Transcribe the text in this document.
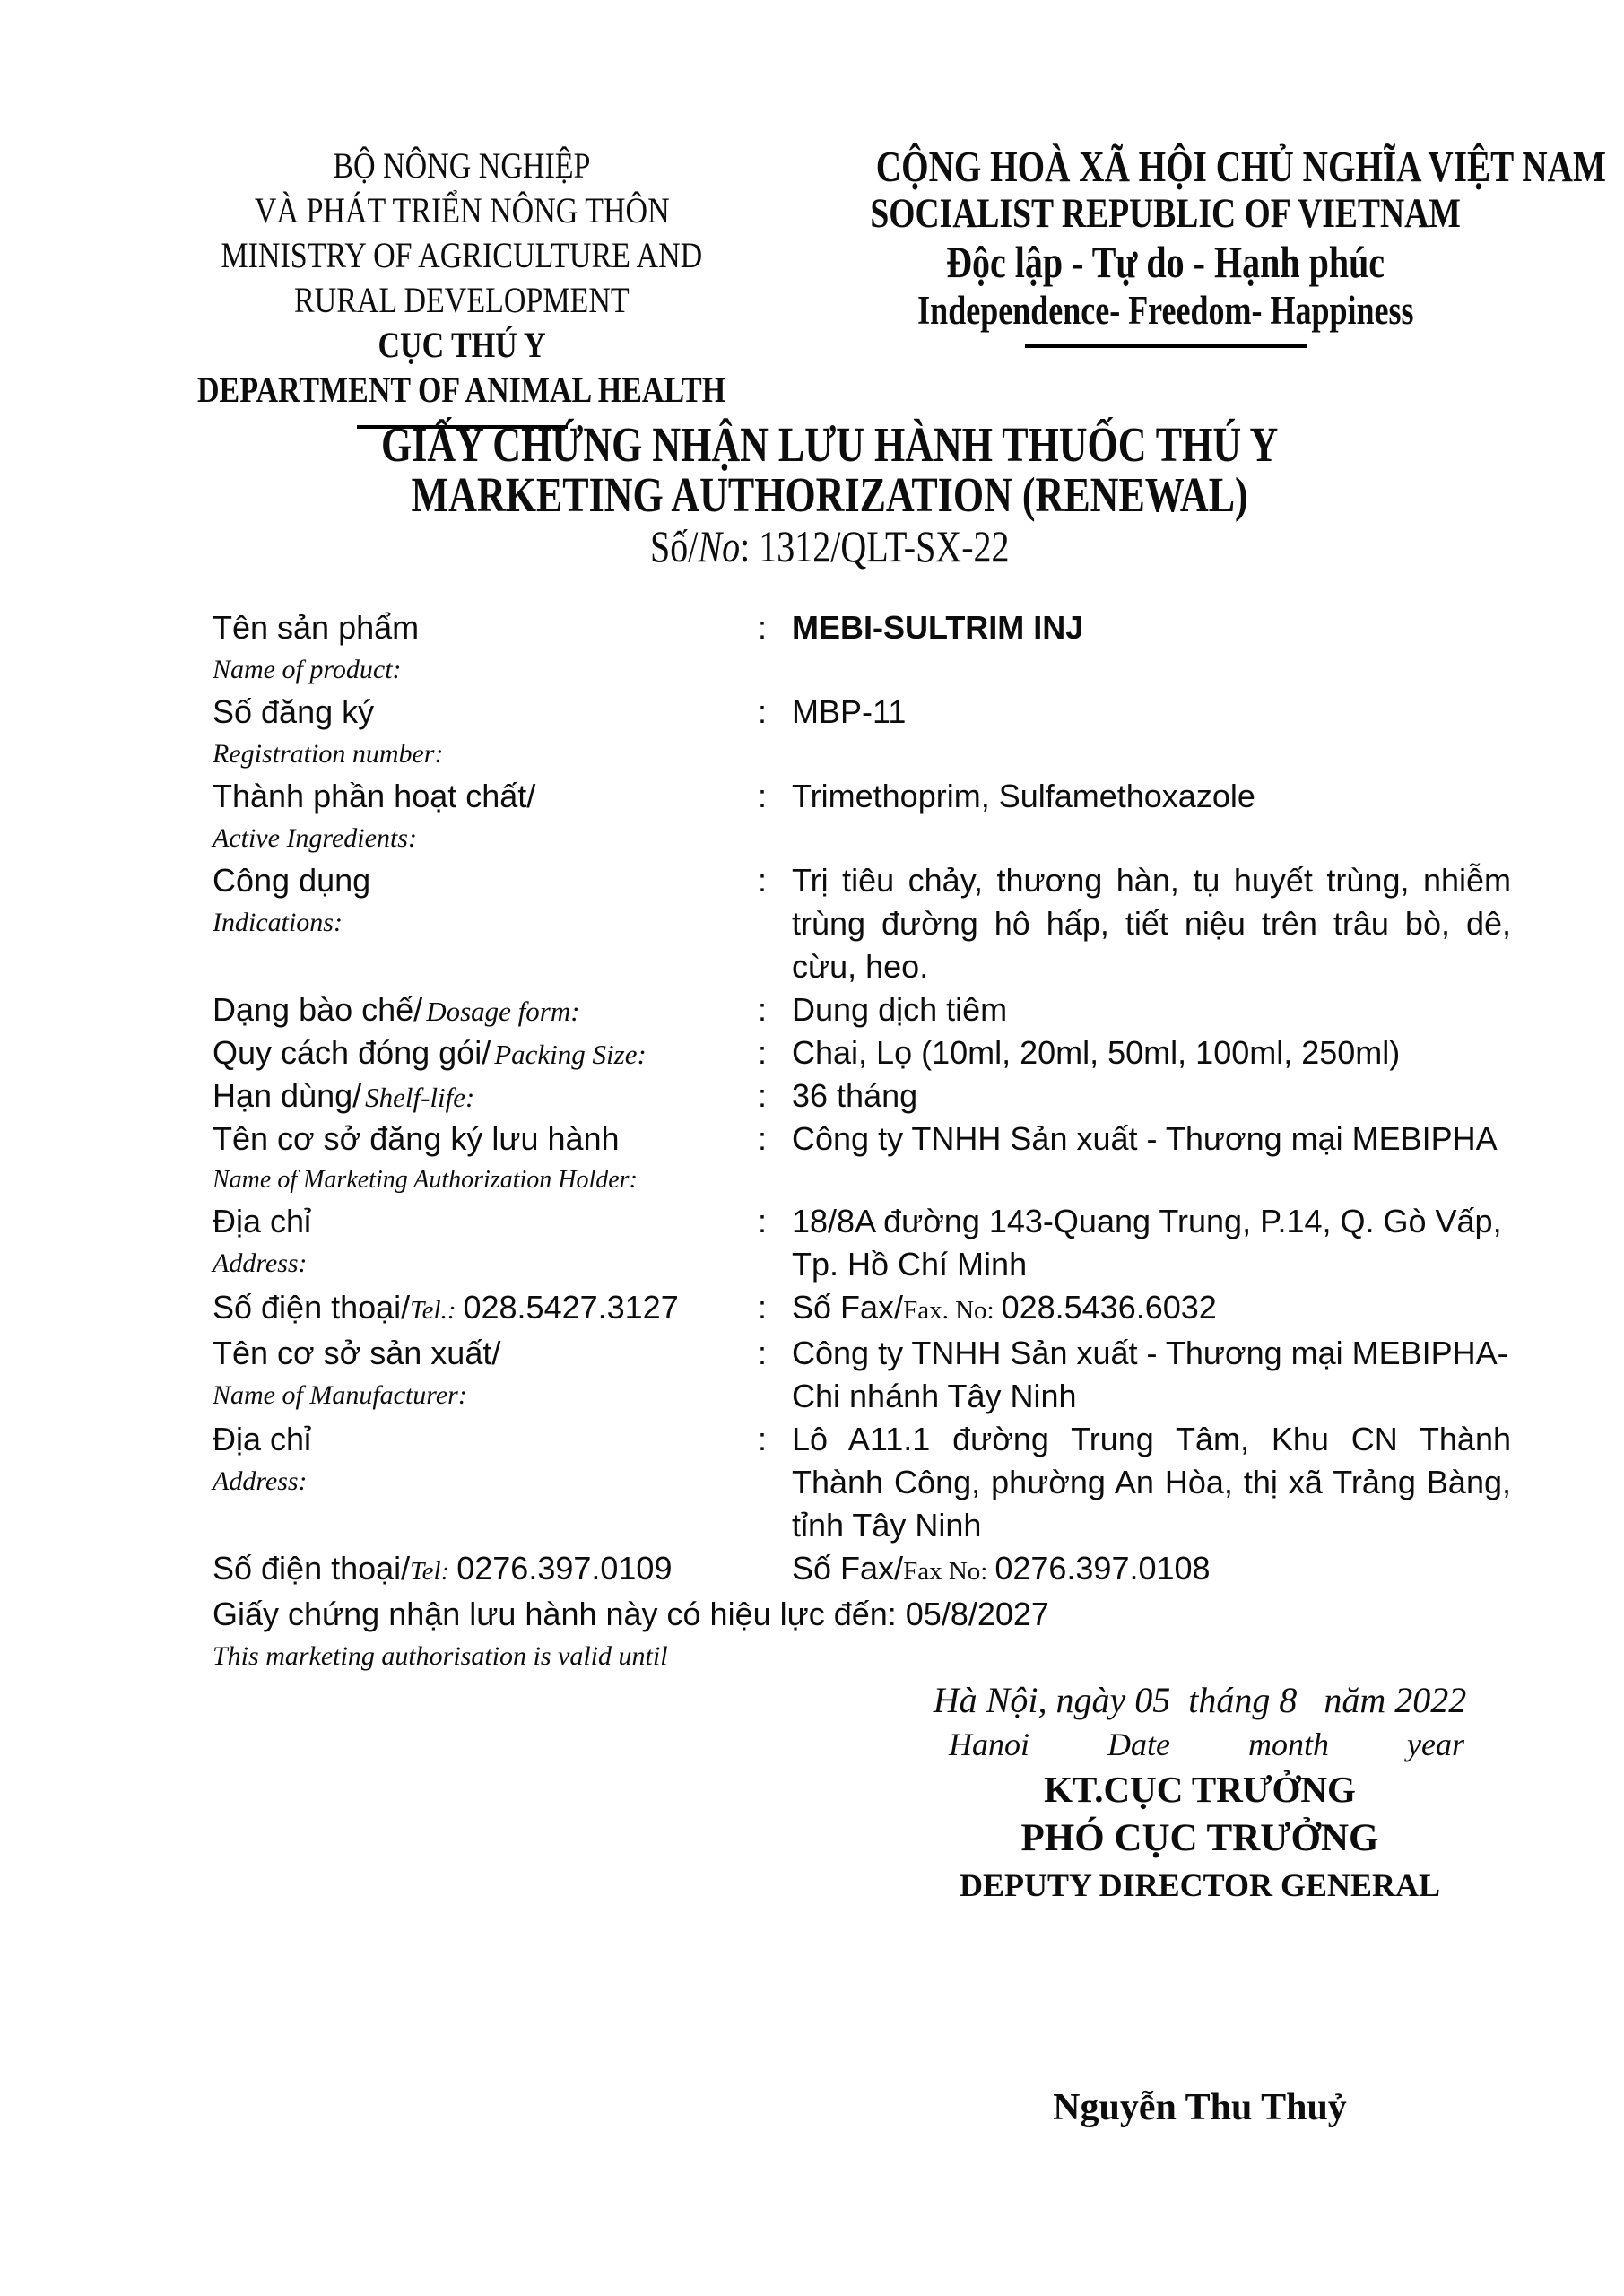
BỘ NÔNG NGHIỆP
VÀ PHÁT TRIỂN NÔNG THÔN
MINISTRY OF AGRICULTURE AND
RURAL DEVELOPMENT
CỤC THÚ Y
DEPARTMENT OF ANIMAL HEALTH
CỘNG HOÀ XÃ HỘI CHỦ NGHĨA VIỆT NAM
SOCIALIST REPUBLIC OF VIETNAM
Độc lập - Tự do - Hạnh phúc
Independence- Freedom- Happiness
GIẤY CHỨNG NHẬN LƯU HÀNH THUỐC THÚ Y
MARKETING AUTHORIZATION (RENEWAL)
Số/No: 1312/QLT-SX-22
Tên sản phẩm
Name of product:
: MEBI-SULTRIM INJ
Số đăng ký
Registration number:
: MBP-11
Thành phần hoạt chất/
Active Ingredients:
: Trimethoprim, Sulfamethoxazole
Công dụng
Indications:
: Trị tiêu chảy, thương hàn, tụ huyết trùng, nhiễm trùng đường hô hấp, tiết niệu trên trâu bò, dê, cừu, heo.
Dạng bào chế/ Dosage form:	: Dung dịch tiêm
Quy cách đóng gói/ Packing Size:	: Chai, Lọ (10ml, 20ml, 50ml, 100ml, 250ml)
Hạn dùng/ Shelf-life:	: 36 tháng
Tên cơ sở đăng ký lưu hành
Name of Marketing Authorization Holder:
: Công ty TNHH Sản xuất - Thương mại MEBIPHA
Địa chỉ
Address:
: 18/8A đường 143-Quang Trung, P.14, Q. Gò Vấp, Tp. Hồ Chí Minh
Số điện thoại/Tel.: 028.5427.3127	: Số Fax/Fax. No: 028.5436.6032
Tên cơ sở sản xuất/
Name of Manufacturer:
: Công ty TNHH Sản xuất - Thương mại MEBIPHA- Chi nhánh Tây Ninh
Địa chỉ
Address:
: Lô A11.1 đường Trung Tâm, Khu CN Thành Thành Công, phường An Hòa, thị xã Trảng Bàng, tỉnh Tây Ninh
Số điện thoại/Tel: 0276.397.0109	Số Fax/Fax No: 0276.397.0108
Giấy chứng nhận lưu hành này có hiệu lực đến: 05/8/2027
This marketing authorisation is valid until
Hà Nội, ngày 05  tháng 8   năm 2022
Hanoi Date month year
KT.CỤC TRƯỞNG
PHÓ CỤC TRƯỞNG
DEPUTY DIRECTOR GENERAL
Nguyễn Thu Thuỷ
